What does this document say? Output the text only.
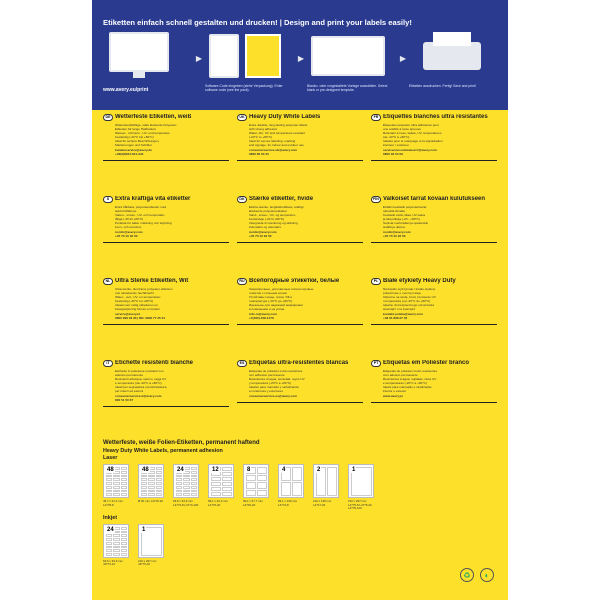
Etiketten einfach schnell gestalten und drucken! | Design and print your labels easily!
www.avery.eu/print
▶
Software-Code eingeben (siehe Verpackung). Enter software code (see the pack).
▶
Blanko- oder vorgestaltete Vorlage auswählen. Select blank or pre-designed template.
▶
Etiketten ausdrucken. Fertig! Save and print!
DE Wetterfeste Etiketten, weiß
Widerstandsfähige, stark klebende Polyester-
Etiketten für lange Haltbarkeit
Wasser-, schmutz-, UV- und temperatur-
beständig (-20°C bis +80°C)
Ideal für sichere Beschriftungen,
Markierungen und Schilder
kundenservice@avery.de
+49(0)8024-641-343
UK Heavy Duty White Labels
Extra durable, long-lasting polyester labels
with strong adhesive
Water, dirt, UV and temperature resistant
(-20°C to +80°C)
Ideal for secure labelling, marking
and signage, for indoor and outdoor use
consumerservice-uk@avery.com
0800 80 50 20
FR Étiquettes blanches ultra résistantes
Étiquettes polyester ultra adhésives pour
une solidité à toute épreuve
Résistant à l'eau, saleté, UV, températures
(de -20°C à +80°C)
Idéales pour le marquage et la signalisation
intérieur / extérieur
serviceconsommateur.fr@avery.com
0800 36 54 09
S Extra kraftiga vita etiketter
Extra hållbara, polyesteretiketter med
starkt häftämne
Vatten-, smuts-, UV- och temperatur-
tåliga (-20 till +80°C)
Perfekta för säker märkning och skyltning
inom- och utomhus
nordic@avery.com
+45 70 10 18 00
DK Stærke etiketter, hvide
Ekstra stærke, langtidsholdbare, kraftigt
klæbende polyesteretiketter
Vand-, snavs-, UV- og temperatur-
bestandige (-20 til +80°C)
Velegnede til mærkning og skiltning
indendørs og udendørs
nordic@avery.com
+45 70 10 18 00
FIN Valkoiset tarrat kovaan kulutukseen
Erittäin kestävät polyesteritarrat
vahvalla liimalla
Kestävät vettä, likaa, UV-valoa
ja lämpötiloja (-20 - +80°C)
Sopivat merkintään ja opasteisiin
sisällä ja ulkona
nordic@avery.com
+45 70 10 18 00
NL Ultra Sterke Etiketten, Wit
Ultra-sterke, duurzame polyester etiketten
met uitstekende hechtkracht
Water-, vuil-, UV- en temperatuur-
bestendig (-20°C tot +80°C)
Ideaal voor veilig etiketteren en
bewegwijzering binnen en buiten
service@avery.nl
0800 099 33 90 | BE: 0800 77 25 01
RU Всепогодные этикетки, белые
Сверхпрочные, долговечные полиэстеровые
этикетки с сильным клеем
Устойчивы к воде, грязи, УФ и
температуре (-20°C до +80°C)
Идеальны для надёжной маркировки
в помещении и на улице
info-ru@avery.com
+7(495) 228-1476
PL Białe etykiety Heavy Duty
Niezwykle wytrzymałe i trwałe etykiety
poliestrowe o mocnym kleju
Odporne na wodę, brud, promienie UV
i temperaturę (od -20°C do +80°C)
Idealne do bezpiecznego oznaczania
wewnątrz i na zewnątrz
kontakt-polska@avery.com
+48 61 898 27 46
IT Etichette resistenti bianche
Etichette in poliestere resistenti con
adesivo permanente
Resistenti all'acqua, sporco, raggi UV
e temperature (da -20°C a +80°C)
Ideali per segnaletica ed etichettatura
per interni ed esterni
consumerservice-it@avery.com
800 51 50 67
ES Etiquetas ultra-resistentes blancas
Etiquetas de poliéster extra resistentes
con adhesivo permanente
Resistentes al agua, suciedad, rayos UV
y temperatura (-20°C a +80°C)
Ideales para marcado y señalización
en interiores y exteriores
consumerservice-es@avery.com
PT Etiquetas em Poliéster branco
Etiquetas de poliéster muito resistentes
com adesivo permanente
Resistentes à água, sujidade, raios UV
e temperaturas (-20°C a +80°C)
Ideais para marcação e sinalização
interior e exterior
www.avery.pt
Wetterfeste, weiße Folien-Etiketten, permanent haftend
Heavy Duty White Labels, permanent adhesion
Laser
48
45,7 x 21,2 mm L4778-8
48
Ø 30 mm L4716-20
24
63,5 x 33,9 mm L4773-8 L4773-100
12
99,1 x 42,3 mm L4776-20
8
99,1 x 67,7 mm L4715-20
4
99,1 x 139 mm L4774-8
2
210 x 148 mm L4717-20
1
210 x 297 mm L4775-8 L4775-20 L4775-100
Inkjet
24
63,5 x 33,9 mm J4773-10
1
210 x 297 mm J4775-10
♻	◐
